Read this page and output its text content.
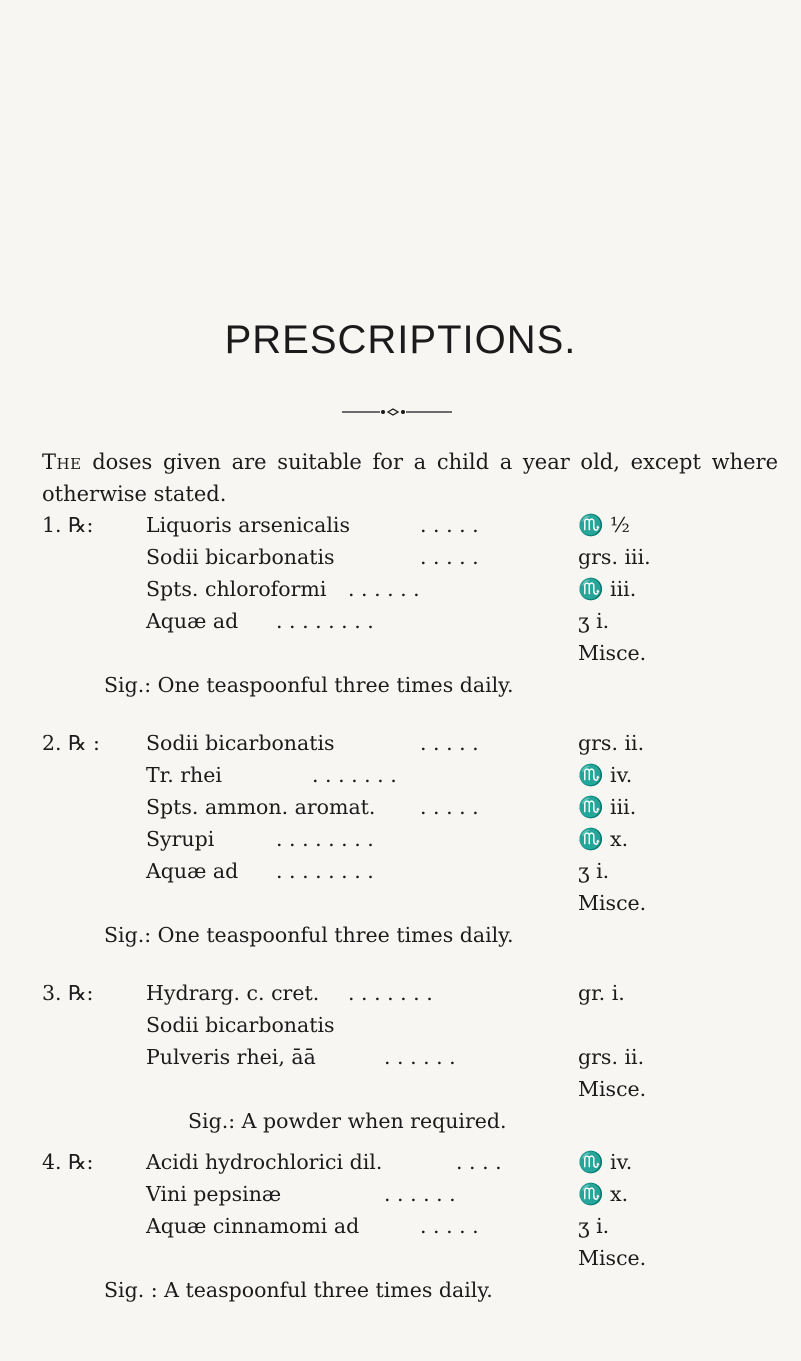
PRESCRIPTIONS.

The doses given are suitable for a child a year old, except where otherwise stated.

1. ℞:	Liquoris arsenicalis	. . . . .	♏ ½
Sodii bicarbonatis	. . . . .	grs. iii.
Spts. chloroformi . . . . . .	♏ iii.
Aquæ ad . . . . . . . .	ʒ i.
Misce.
Sig.: One teaspoonful three times daily.
2. ℞ : Sodii bicarbonatis	. . . . .	grs. ii.
Tr. rhei	. . . . . . .	♏ iv.
Spts. ammon. aromat. . . . . .	♏ iii.
Syrupi	. . . . . . . .	♏ x.
Aquæ ad . . . . . . . .	ʒ i.
Misce.
Sig.: One teaspoonful three times daily.
3. ℞:	Hydrarg. c. cret. . . . . . . .	gr. i.
Sodii bicarbonatis
Pulveris rhei, āā	. . . . . .	grs. ii.
Misce.
Sig.: A powder when required.
4. ℞:	Acidi hydrochlorici dil.	. . . .	♏ iv.
Vini pepsinæ	. . . . . .	♏ x.
Aquæ cinnamomi ad	. . . . .	ʒ i.
Misce.
Sig. : A teaspoonful three times daily.
